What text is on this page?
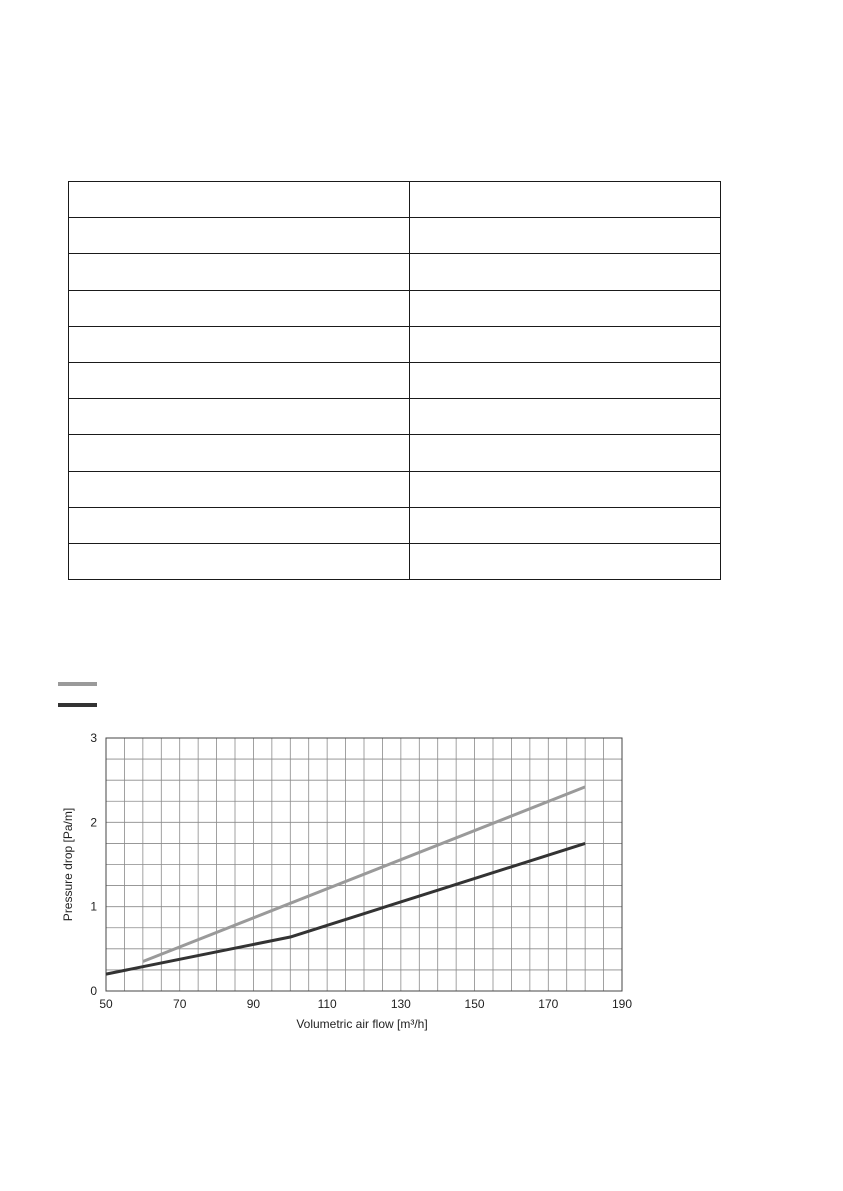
50	70	90	110	130	150	170	190
0
1
2
3
Volumetric air flow [m³/h]
Pressure drop [Pa/m]
